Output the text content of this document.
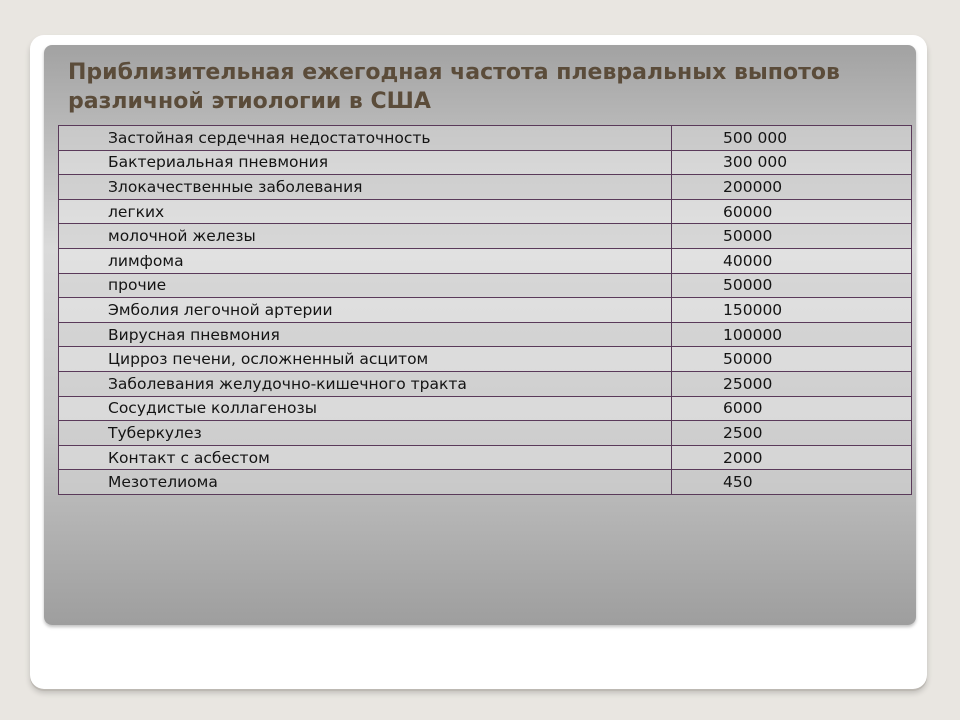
Приблизительная ежегодная частота плевральных выпотов различной этиологии в США
Застойная сердечная недостаточность	500 000
Бактериальная пневмония	300 000
Злокачественные заболевания	200000
легких	60000
молочной железы	50000
лимфома	40000
прочие	50000
Эмболия легочной артерии	150000
Вирусная пневмония	100000
Цирроз печени, осложненный асцитом	50000
Заболевания желудочно-кишечного тракта	25000
Сосудистые коллагенозы	6000
Туберкулез	2500
Контакт с асбестом	2000
Мезотелиома	450
